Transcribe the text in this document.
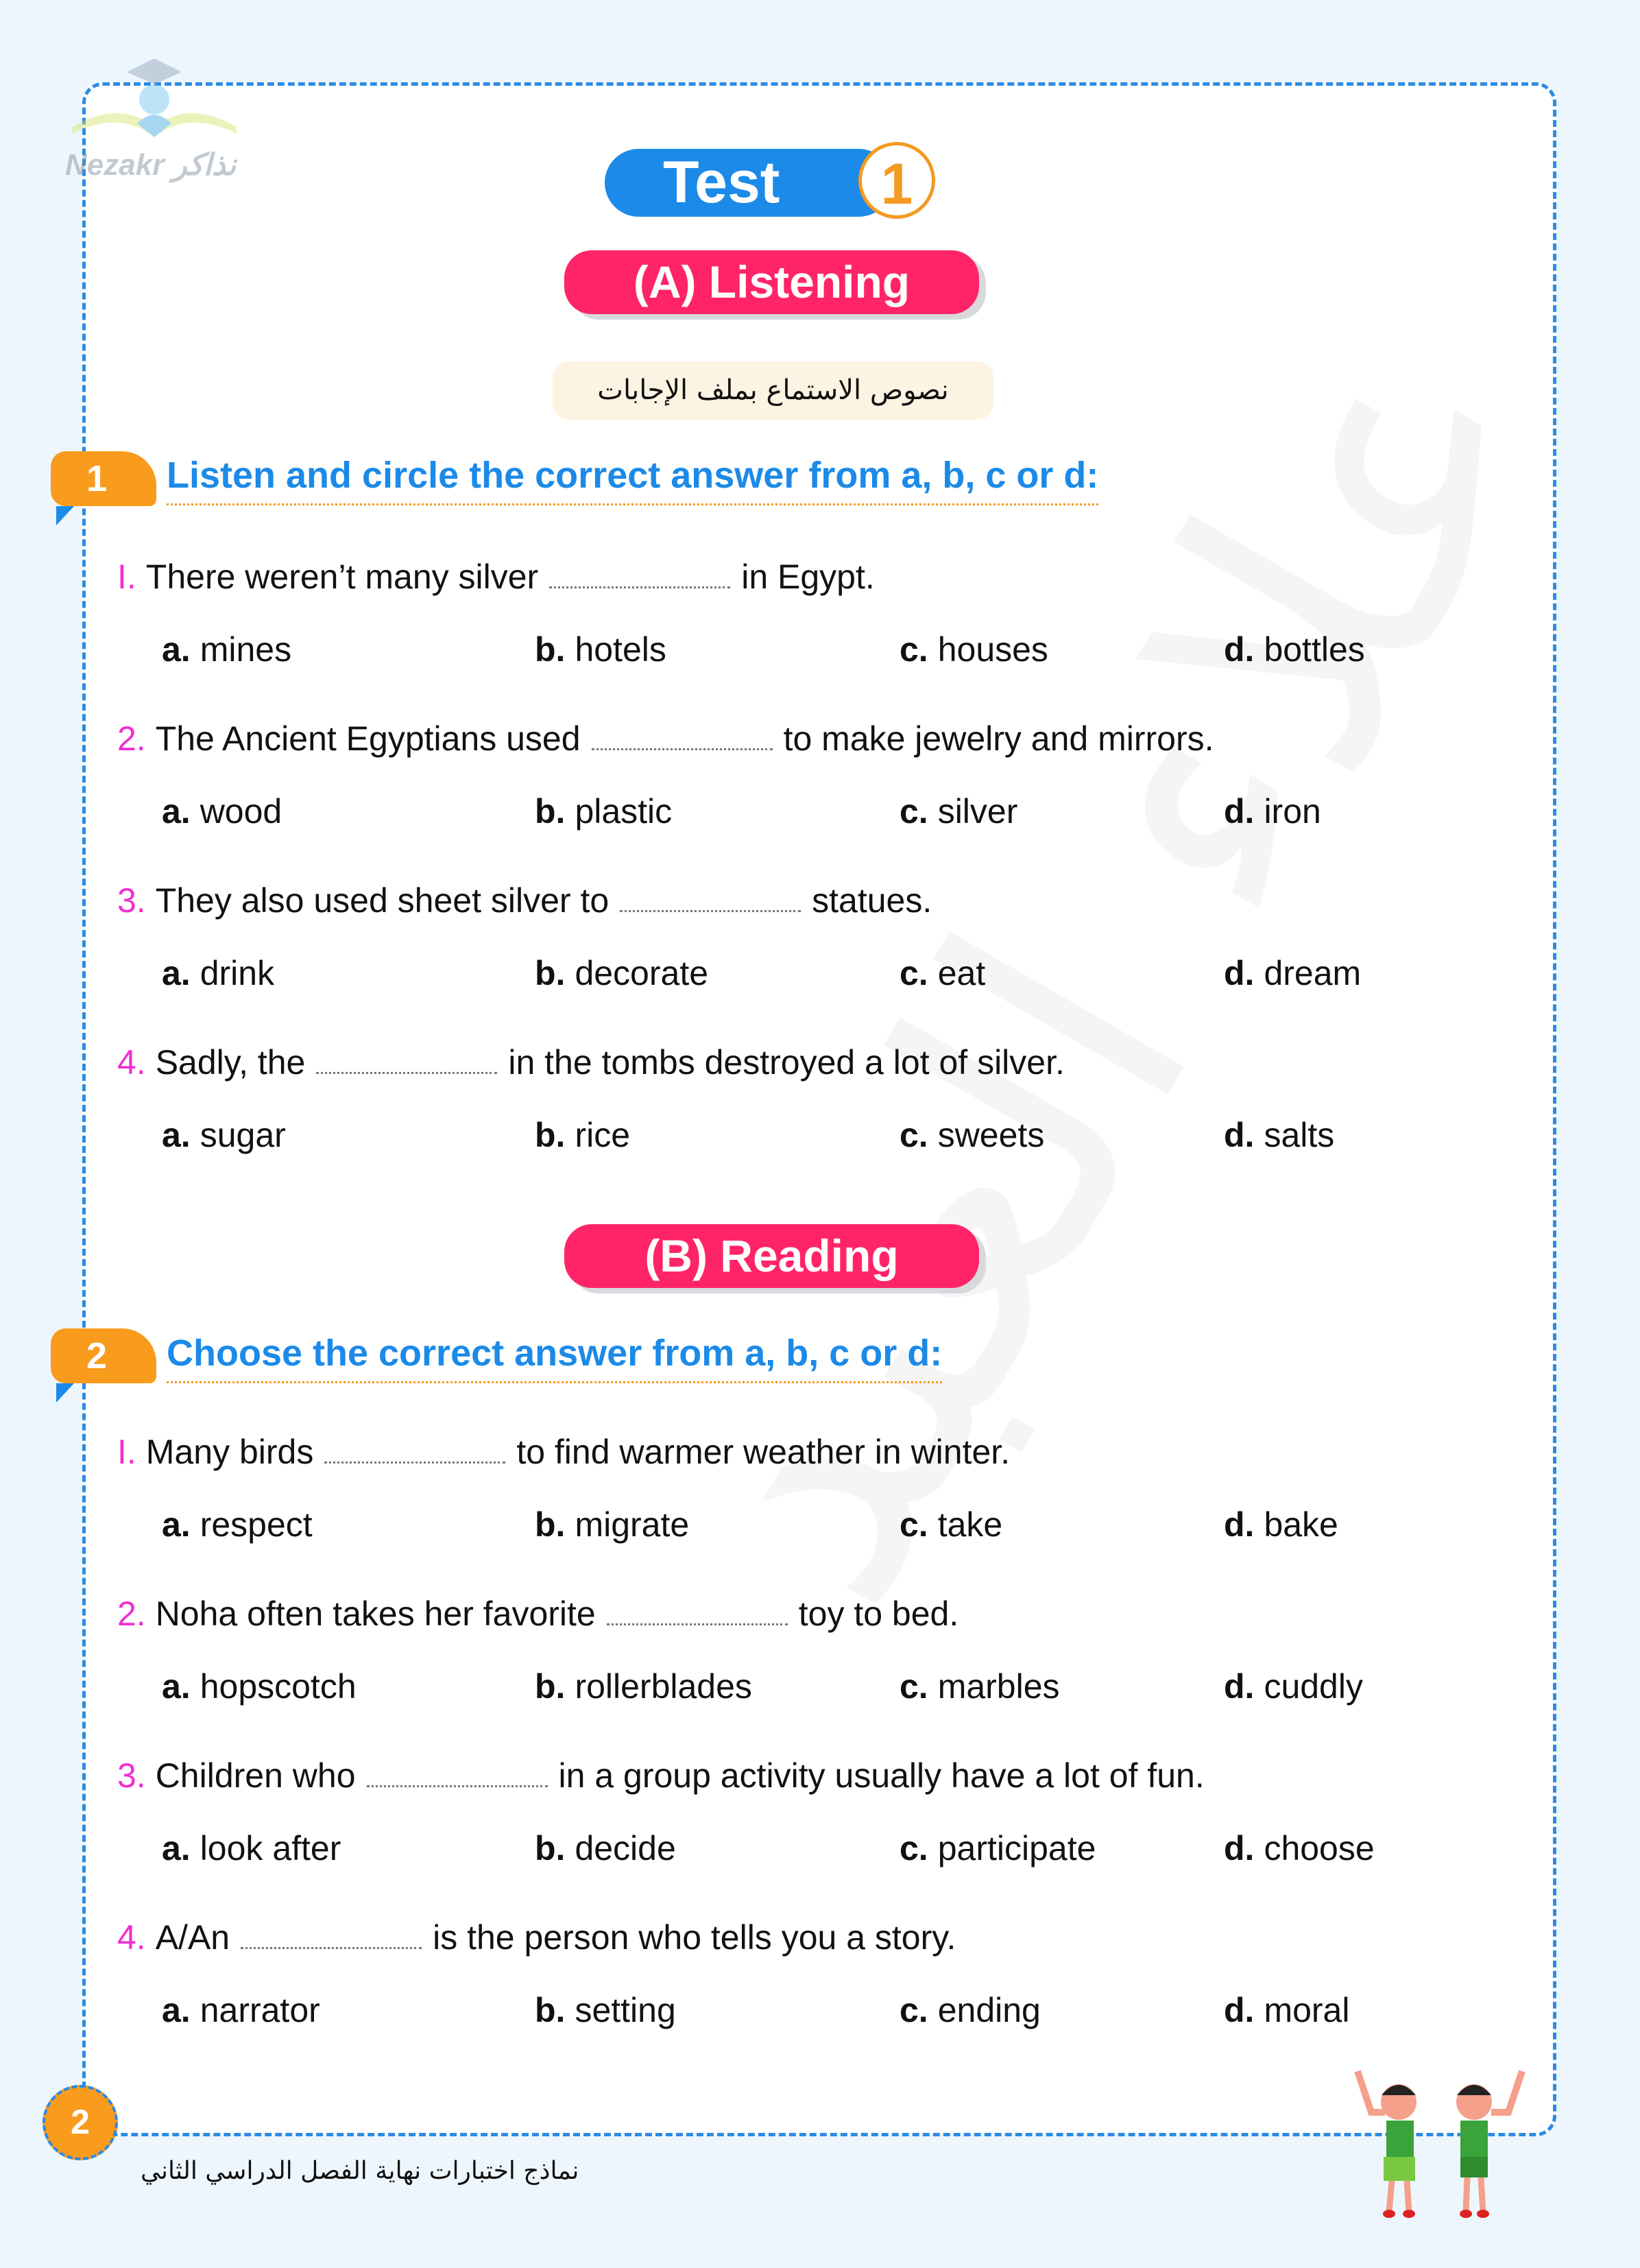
Nezakr نذاكر	Test	1
(A) Listening
نصوص الاستماع بملف الإجابات
1	Listen and circle the correct answer from a, b, c or d:
I. There weren’t many silver	in Egypt.
a. mines	b. hotels	c. houses	d. bottles
2. The Ancient Egyptians used	to make jewelry and mirrors.
a. wood	b. plastic	c. silver	d. iron
3. They also used sheet silver to	statues.
a. drink	b. decorate	c. eat	d. dream
4. Sadly, the	in the tombs destroyed a lot of silver.
a. sugar	b. rice	c. sweets	d. salts
(B) Reading
2	Choose the correct answer from a, b, c or d:
I. Many birds	to find warmer weather in winter.
a. respect	b. migrate	c. take	d. bake
2. Noha often takes her favorite	toy to bed.
a. hopscotch	b. rollerblades	c. marbles	d. cuddly
3. Children who	in a group activity usually have a lot of fun.
a. look after	b. decide	c. participate	d. choose
4. A/An	is the person who tells you a story.
a. narrator	b. setting	c. ending	d. moral
2
نماذج اختبارات نهاية الفصل الدراسي الثاني
